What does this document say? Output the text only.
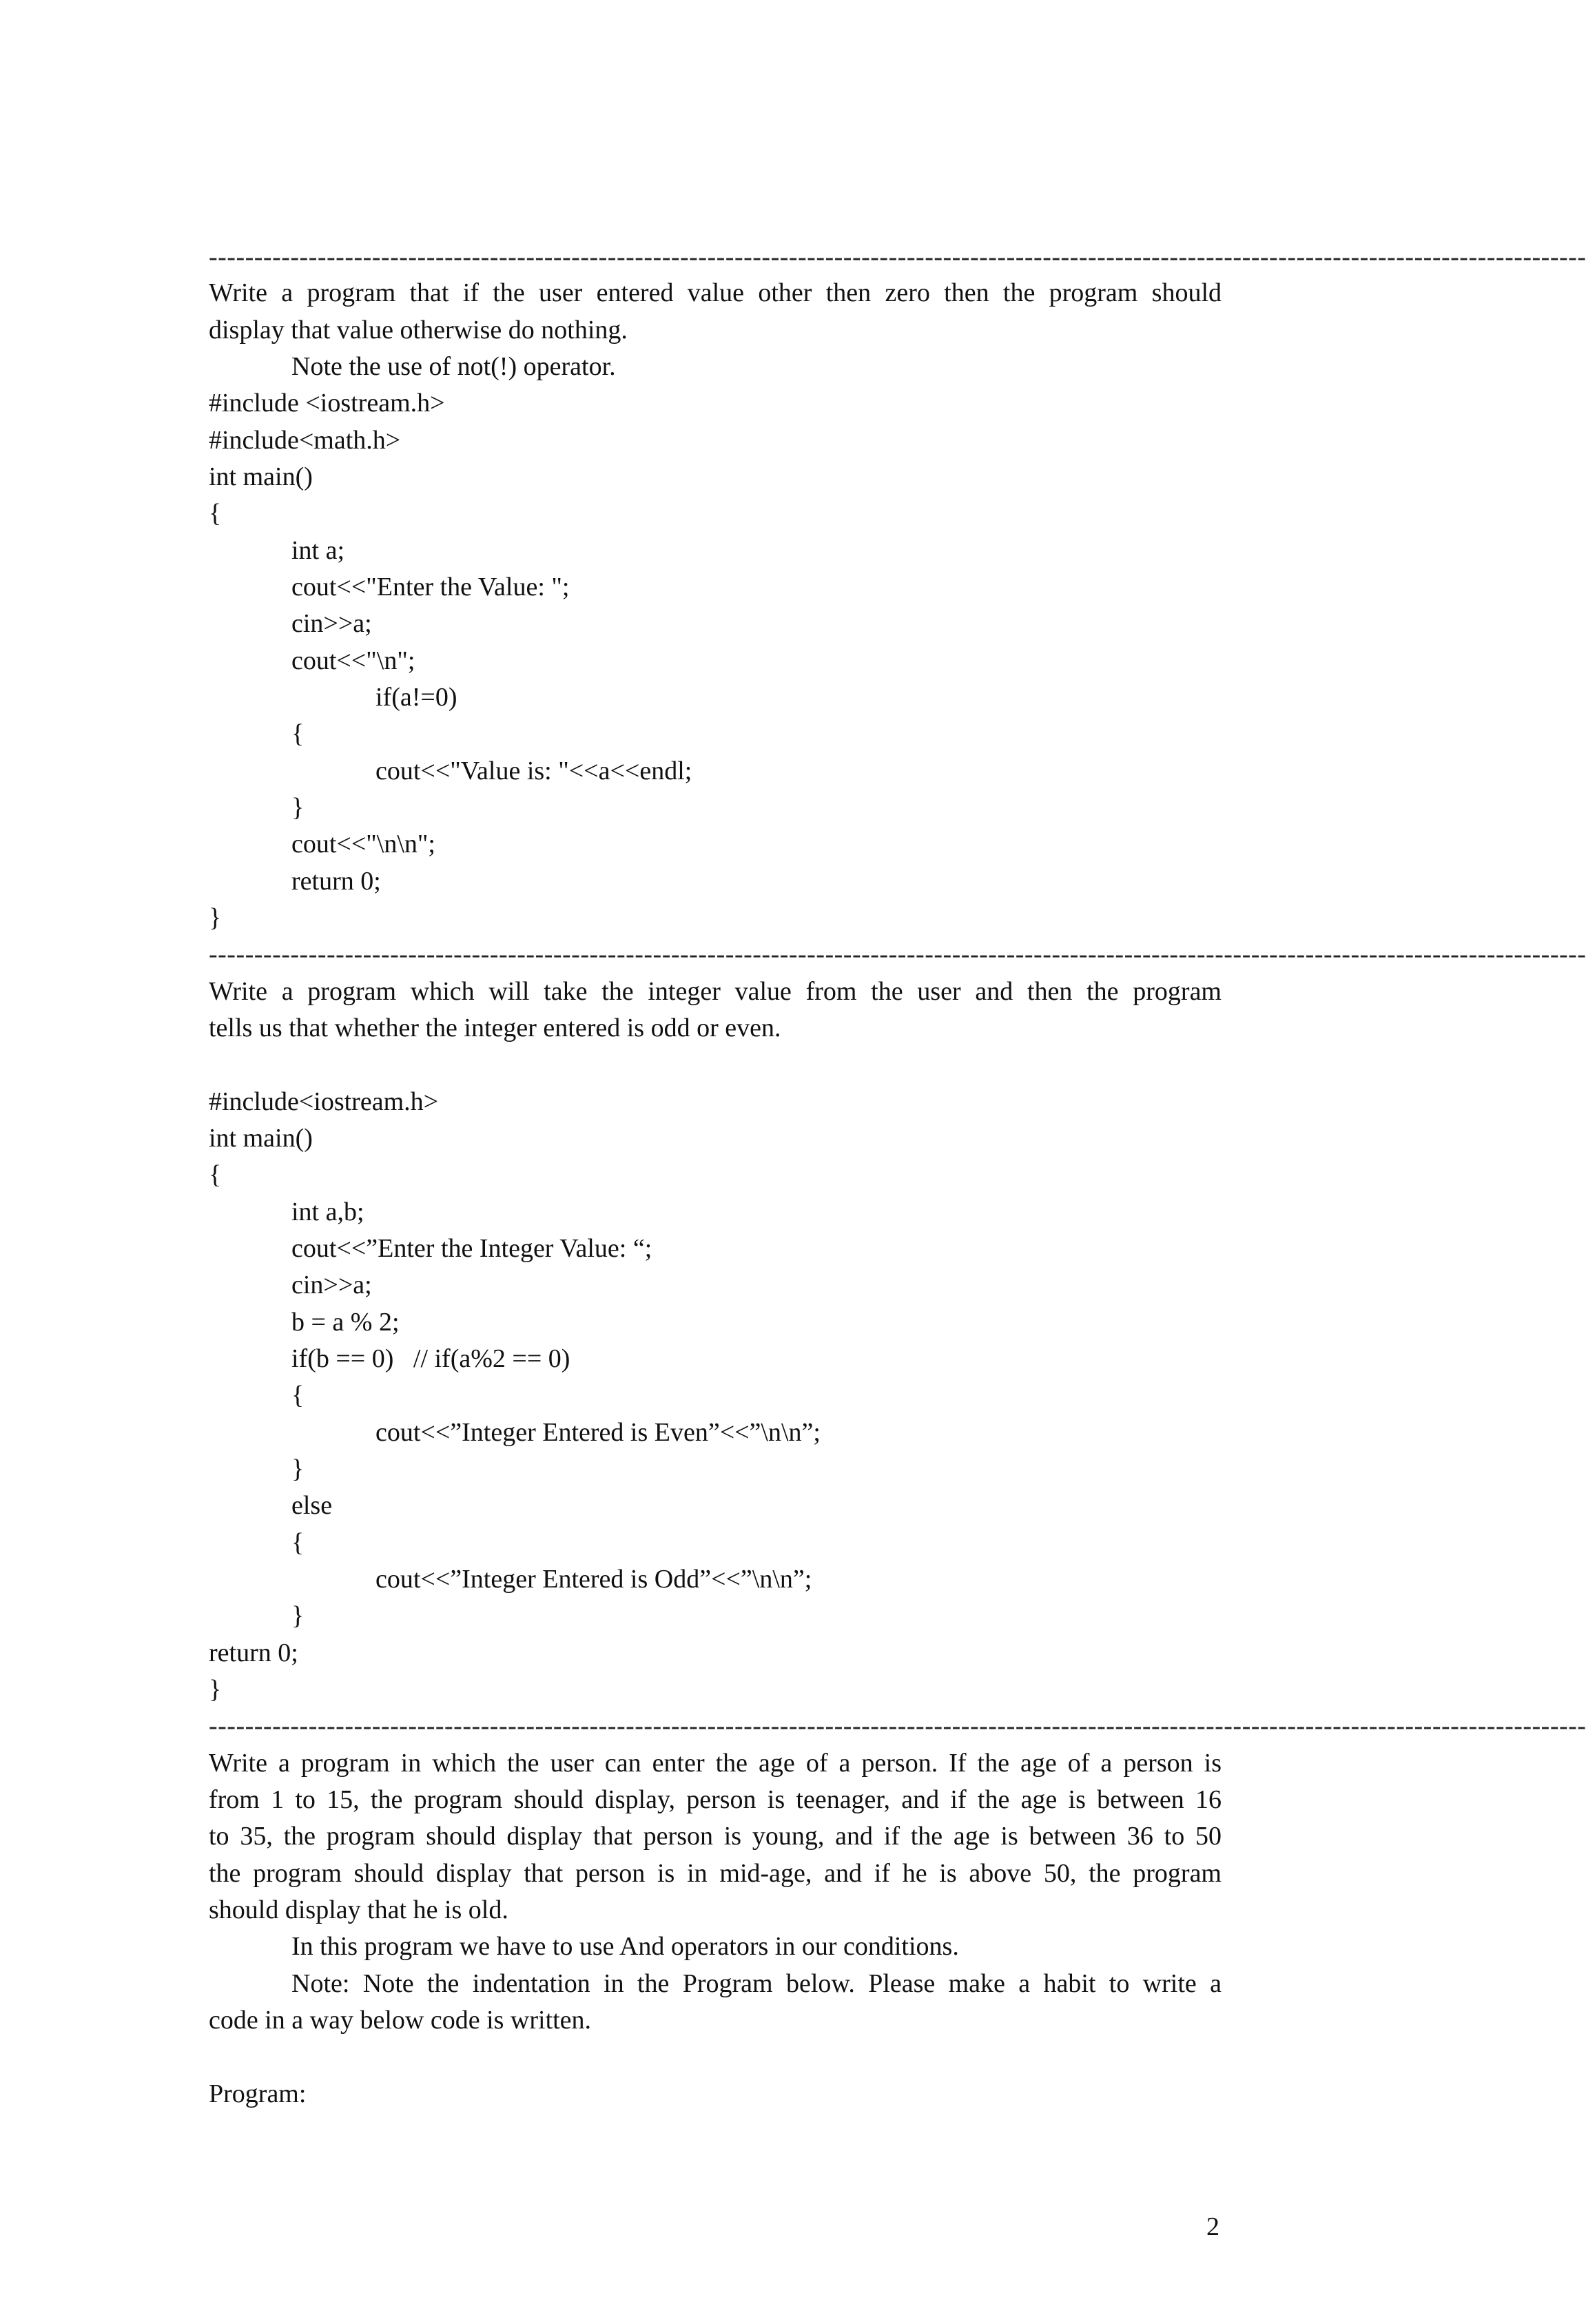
--------------------------------------------------------------------------------------------------------------------------------------------------------
Write a program that if the user entered value other then zero then the program should
display that value otherwise do nothing.
Note the use of not(!) operator.
#include <iostream.h>
#include<math.h>
int main()
{
int a;
cout<<"Enter the Value: ";
cin>>a;
cout<<"\n";
if(a!=0)
{
cout<<"Value is: "<<a<<endl;
}
cout<<"\n\n";
return 0;
}
--------------------------------------------------------------------------------------------------------------------------------------------------------
Write a program which will take the integer value from the user and then the program
tells us that whether the integer entered is odd or even.
#include<iostream.h>
int main()
{
int a,b;
cout<<”Enter the Integer Value: “;
cin>>a;
b = a % 2;
if(b == 0)   // if(a%2 == 0)
{
cout<<”Integer Entered is Even”<<”\n\n”;
}
else
{
cout<<”Integer Entered is Odd”<<”\n\n”;
}
return 0;
}
--------------------------------------------------------------------------------------------------------------------------------------------------------
Write a program in which the user can enter the age of a person. If the age of a person is
from 1 to 15, the program should display, person is teenager, and if the age is between 16
to 35, the program should display that person is young, and if the age is between 36 to 50
the program should display that person is in mid-age, and if he is above 50, the program
should display that he is old.
In this program we have to use And operators in our conditions.
Note: Note the indentation in the Program below. Please make a habit to write a
code in a way below code is written.
Program:
2
